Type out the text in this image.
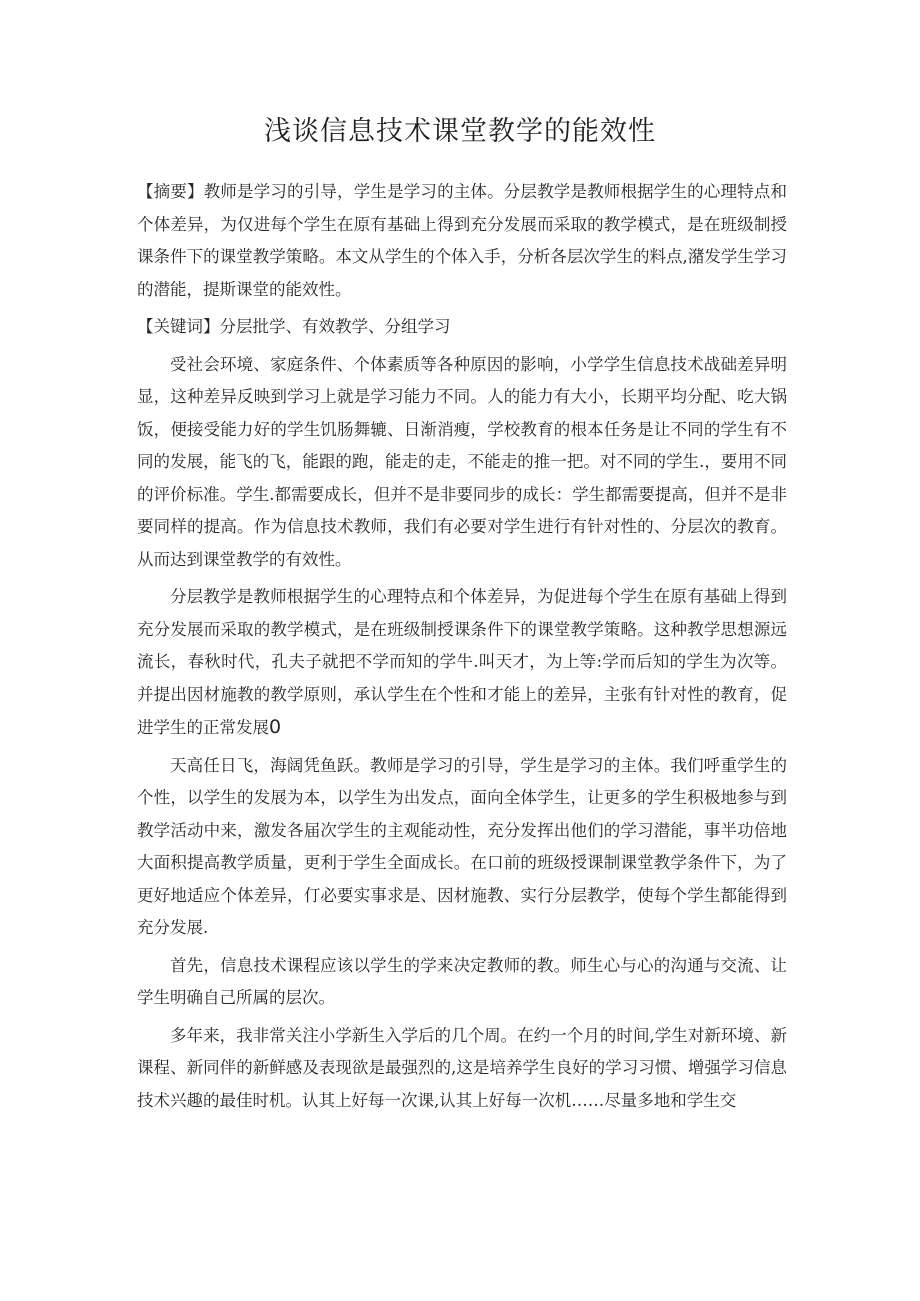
浅谈信息技术课堂教学的能效性

【摘要】教师是学习的引导，学生是学习的主体。分层教学是教师根据学生的心理特点和个体差异，为仅进每个学生在原有基础上得到充分发展而采取的教学模式，是在班级制授课条件下的课堂教学策略。本文从学生的个体入手，分析各层次学生的料点,潴发学生学习的潜能，提斯课堂的能效性。

【关键词】分层批学、有效教学、分组学习

受社会环境、家庭条件、个体素质等各种原因的影响，小学学生信息技术战础差异明显，这种差异反映到学习上就是学习能力不同。人的能力有大小，长期平均分配、吃大锅饭，便接受能力好的学生饥肠舞辘、日渐消瘦，学校教育的根本任务是让不同的学生有不同的发展，能飞的飞，能跟的跑，能走的走，不能走的推一把。对不同的学生.，要用不同的评价标准。学生.都需要成长，但并不是非要同步的成长：学生都需要提高，但并不是非要同样的提高。作为信息技术教师，我们有必要对学生进行有针对性的、分层次的教育。从而达到课堂教学的有效性。

分层教学是教师根据学生的心理特点和个体差异，为促进每个学生在原有基础上得到充分发展而采取的教学模式，是在班级制授课条件下的课堂教学策略。这种教学思想源远流长，春秋时代，孔夫子就把不学而知的学牛.叫天才，为上等:学而后知的学生为次等。并提出因材施教的教学原则，承认学生在个性和才能上的差异，主张有针对性的教育，促进学生的正常发展0

天高任日飞，海阔凭鱼跃。教师是学习的引导，学生是学习的主体。我们呼重学生的个性，以学生的发展为本，以学生为出发点，面向全体学生，让更多的学生积极地参与到教学活动中来，激发各届次学生的主观能动性，充分发挥出他们的学习潜能，事半功倍地大面积提高教学质量，更利于学生全面成长。在口前的班级授课制课堂教学条件下，为了更好地适应个体差异，仃必要实事求是、因材施教、实行分层教学，使每个学生都能得到充分发展.

首先，信息技术课程应该以学生的学来决定教师的教。师生心与心的沟通与交流、让学生明确自己所属的层次。

多年来，我非常关注小学新生入学后的几个周。在约一个月的时间,学生对新环境、新课程、新同伴的新鲜感及表现欲是最强烈的,这是培养学生良好的学习习惯、增强学习信息技术兴趣的最佳时机。认其上好每一次课,认其上好每一次机……尽量多地和学生交
